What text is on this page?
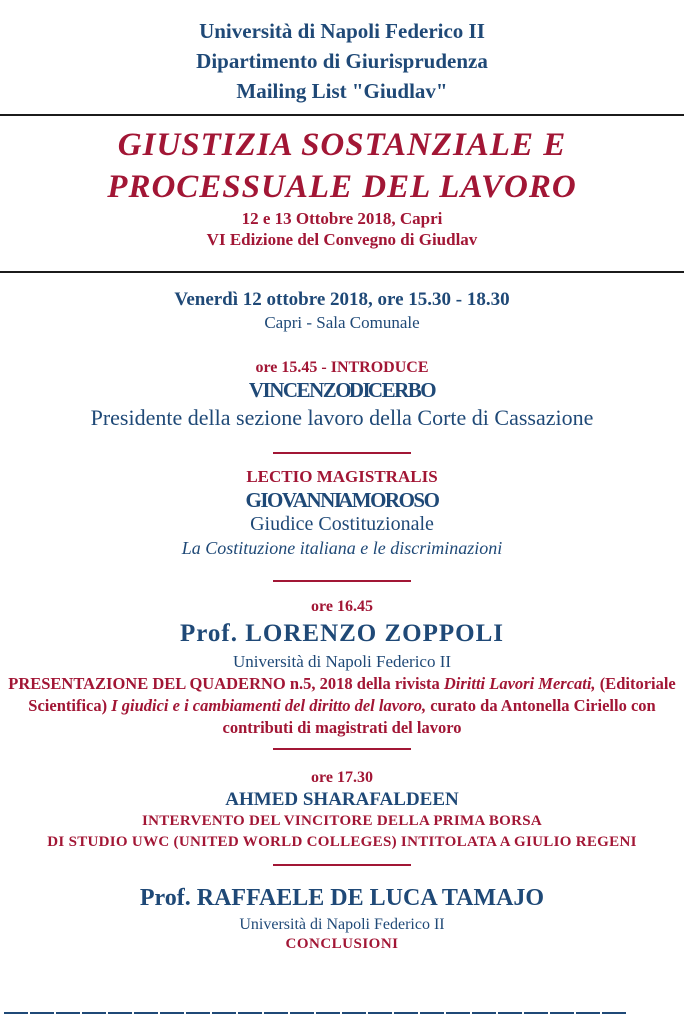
Università di Napoli Federico II
Dipartimento di Giurisprudenza
Mailing List "Giudlav"
GIUSTIZIA SOSTANZIALE E
PROCESSUALE DEL LAVORO
12 e 13 Ottobre 2018, Capri
VI Edizione del Convegno di Giudlav
Venerdì 12 ottobre 2018, ore 15.30 - 18.30
Capri - Sala Comunale
ore 15.45 - INTRODUCE
VINCENZO DI CERBO
Presidente della sezione lavoro della Corte di Cassazione
LECTIO MAGISTRALIS
GIOVANNI AMOROSO
Giudice Costituzionale
La Costituzione italiana e le discriminazioni
ore 16.45
Prof. LORENZO ZOPPOLI
Università di Napoli Federico II
PRESENTAZIONE DEL QUADERNO n.5, 2018 della rivista Diritti Lavori Mercati, (Editoriale Scientifica) I giudici e i cambiamenti del diritto del lavoro, curato da Antonella Ciriello con contributi di magistrati del lavoro
ore 17.30
AHMED SHARAFALDEEN
INTERVENTO DEL VINCITORE DELLA PRIMA BORSA
DI STUDIO UWC (UNITED WORLD COLLEGES) INTITOLATA A GIULIO REGENI
Prof. RAFFAELE DE LUCA TAMAJO
Università di Napoli Federico II
CONCLUSIONI
